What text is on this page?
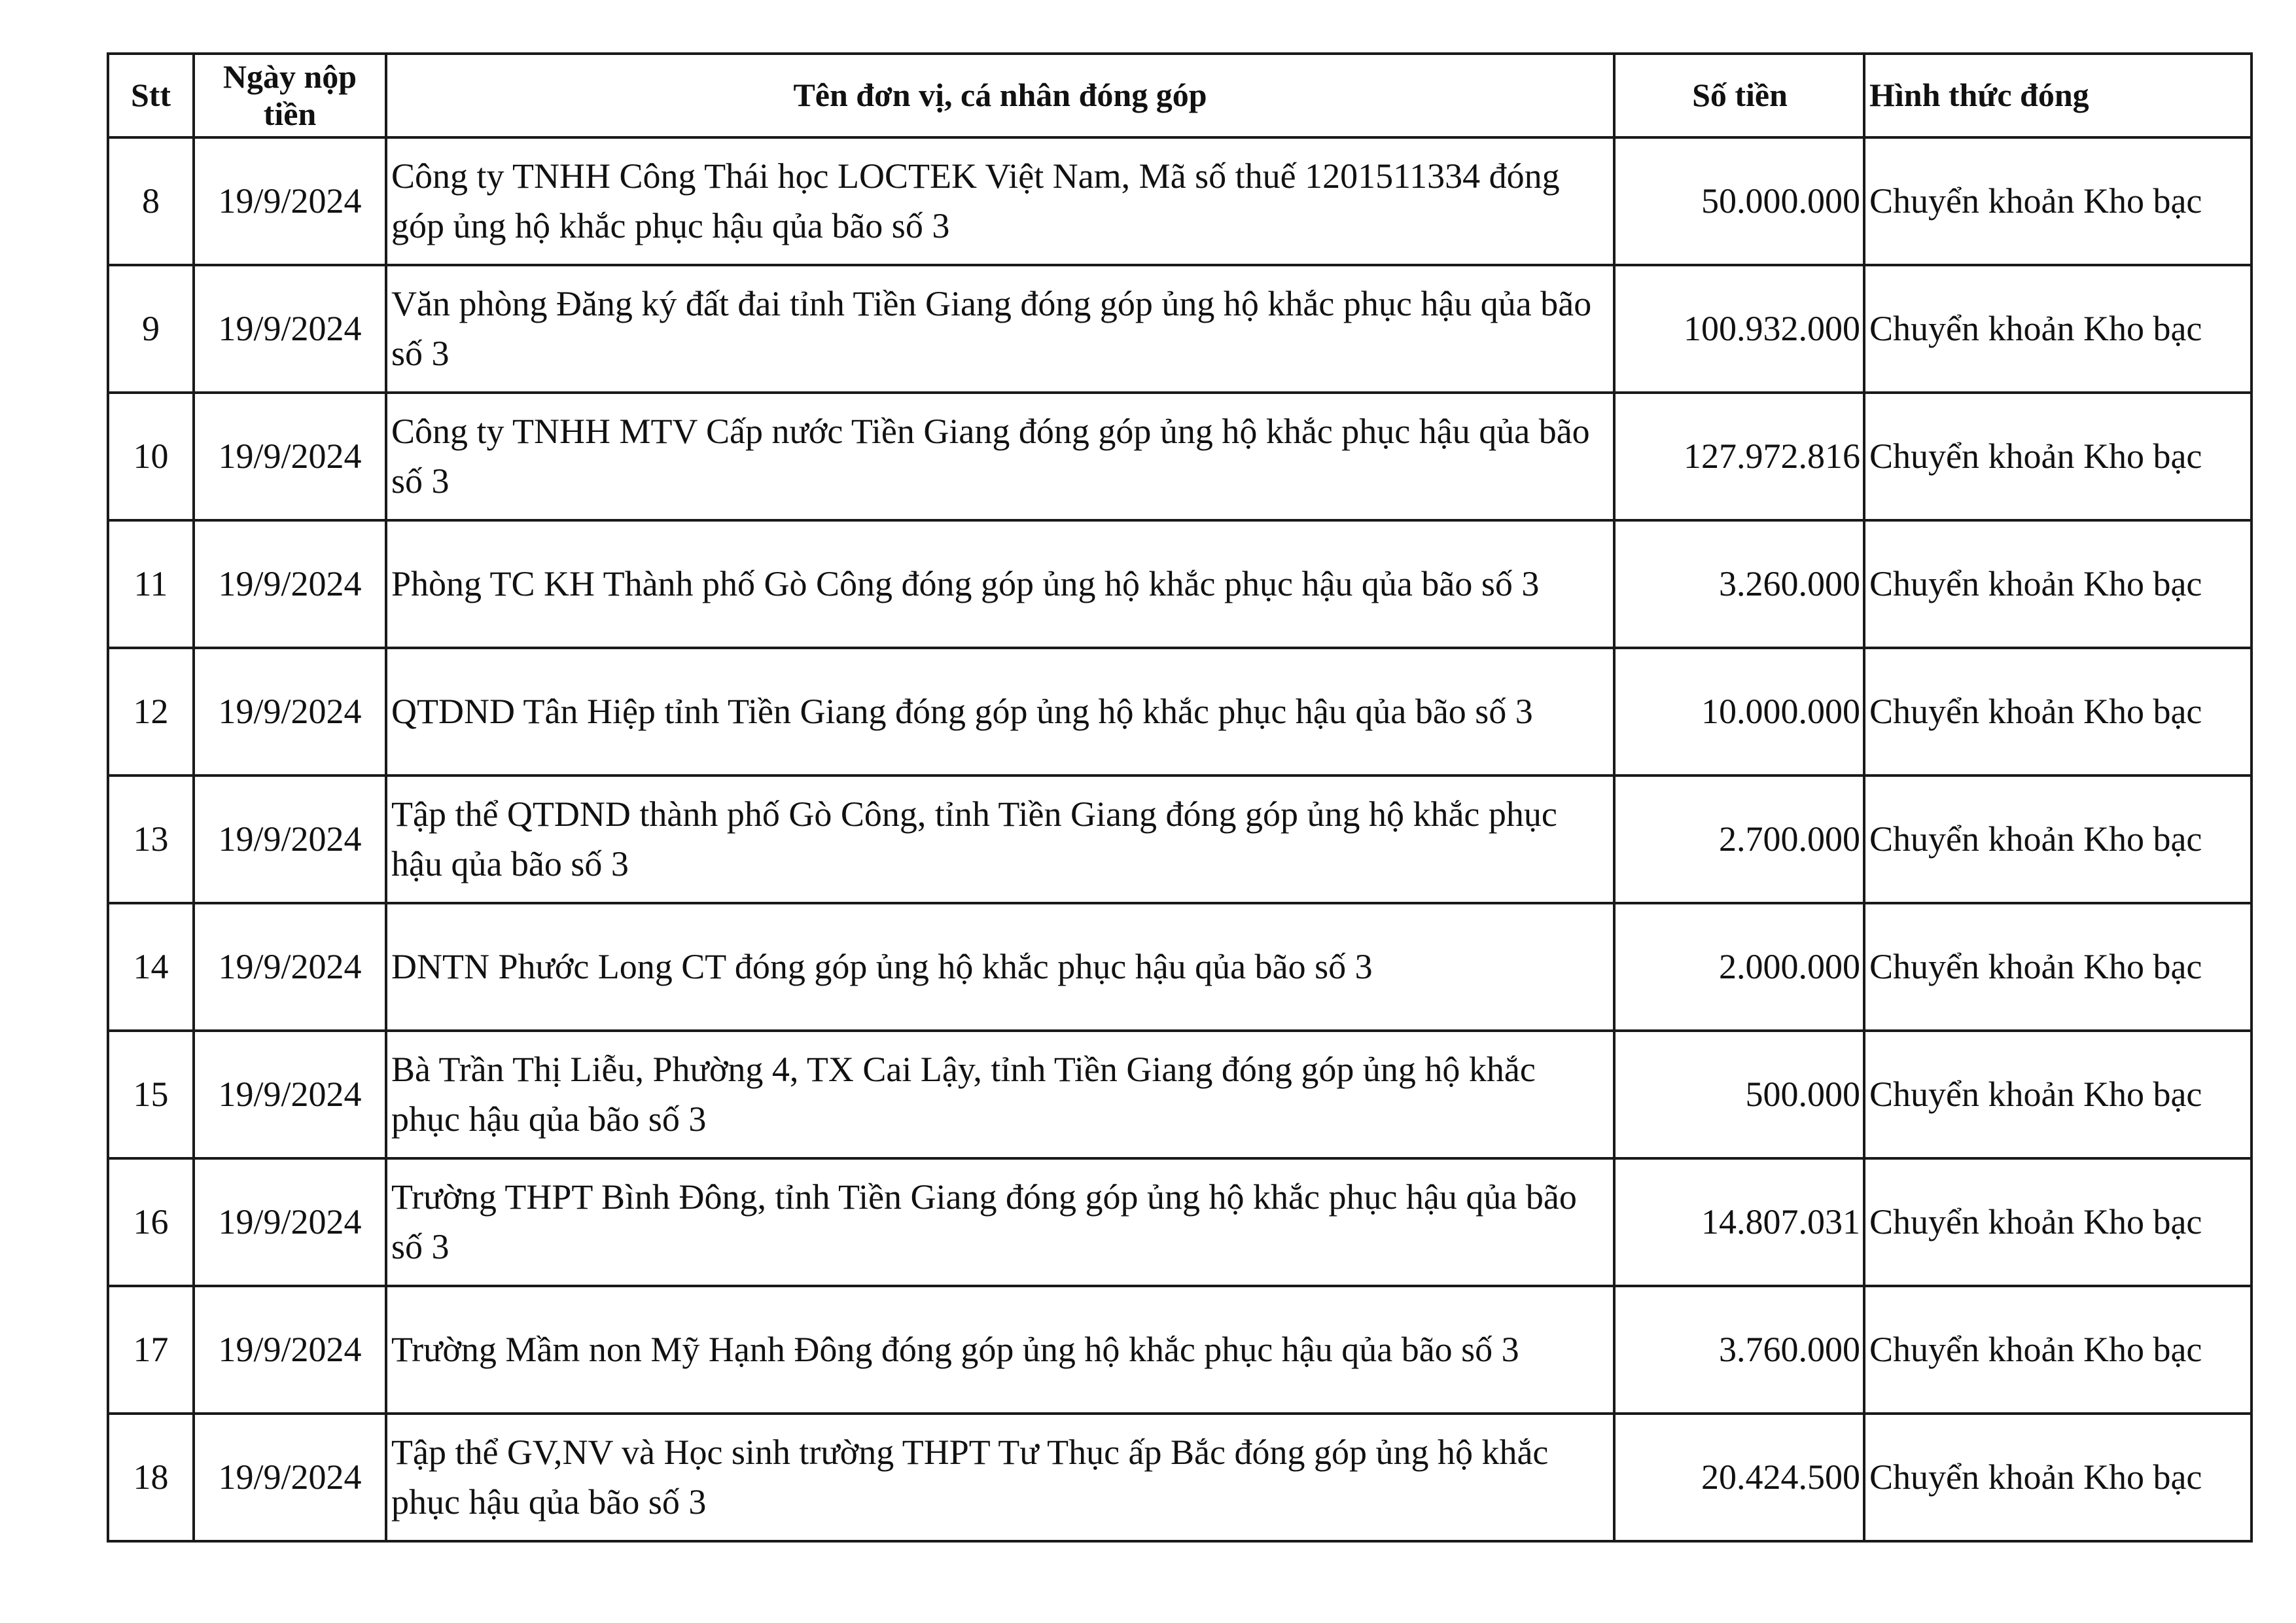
Stt	Ngày nộp tiền	Tên đơn vị, cá nhân đóng góp	Số tiền	Hình thức đóng
8	19/9/2024	Công ty TNHH Công Thái học LOCTEK Việt Nam, Mã số thuế 1201511334 đóng góp ủng hộ khắc phục hậu qủa bão số 3	50.000.000	Chuyển khoản Kho bạc
9	19/9/2024	Văn phòng Đăng ký đất đai tỉnh Tiền Giang đóng góp ủng hộ khắc phục hậu qủa bão số 3	100.932.000	Chuyển khoản Kho bạc
10	19/9/2024	Công ty TNHH MTV Cấp nước Tiền Giang đóng góp ủng hộ khắc phục hậu qủa bão số 3	127.972.816	Chuyển khoản Kho bạc
11	19/9/2024	Phòng TC KH Thành phố Gò Công đóng góp ủng hộ khắc phục hậu qủa bão số 3	3.260.000	Chuyển khoản Kho bạc
12	19/9/2024	QTDND Tân Hiệp tỉnh Tiền Giang đóng góp ủng hộ khắc phục hậu qủa bão số 3	10.000.000	Chuyển khoản Kho bạc
13	19/9/2024	Tập thể QTDND thành phố Gò Công, tỉnh Tiền Giang đóng góp ủng hộ khắc phục hậu qủa bão số 3	2.700.000	Chuyển khoản Kho bạc
14	19/9/2024	DNTN Phước Long CT đóng góp ủng hộ khắc phục hậu qủa bão số 3	2.000.000	Chuyển khoản Kho bạc
15	19/9/2024	Bà Trần Thị Liễu, Phường 4, TX Cai Lậy, tỉnh Tiền Giang đóng góp ủng hộ khắc phục hậu qủa bão số 3	500.000	Chuyển khoản Kho bạc
16	19/9/2024	Trường THPT Bình Đông, tỉnh Tiền Giang đóng góp ủng hộ khắc phục hậu qủa bão số 3	14.807.031	Chuyển khoản Kho bạc
17	19/9/2024	Trường Mầm non Mỹ Hạnh Đông đóng góp ủng hộ khắc phục hậu qủa bão số 3	3.760.000	Chuyển khoản Kho bạc
18	19/9/2024	Tập thể GV,NV và Học sinh trường THPT Tư Thục ấp Bắc đóng góp ủng hộ khắc phục hậu qủa bão số 3	20.424.500	Chuyển khoản Kho bạc
